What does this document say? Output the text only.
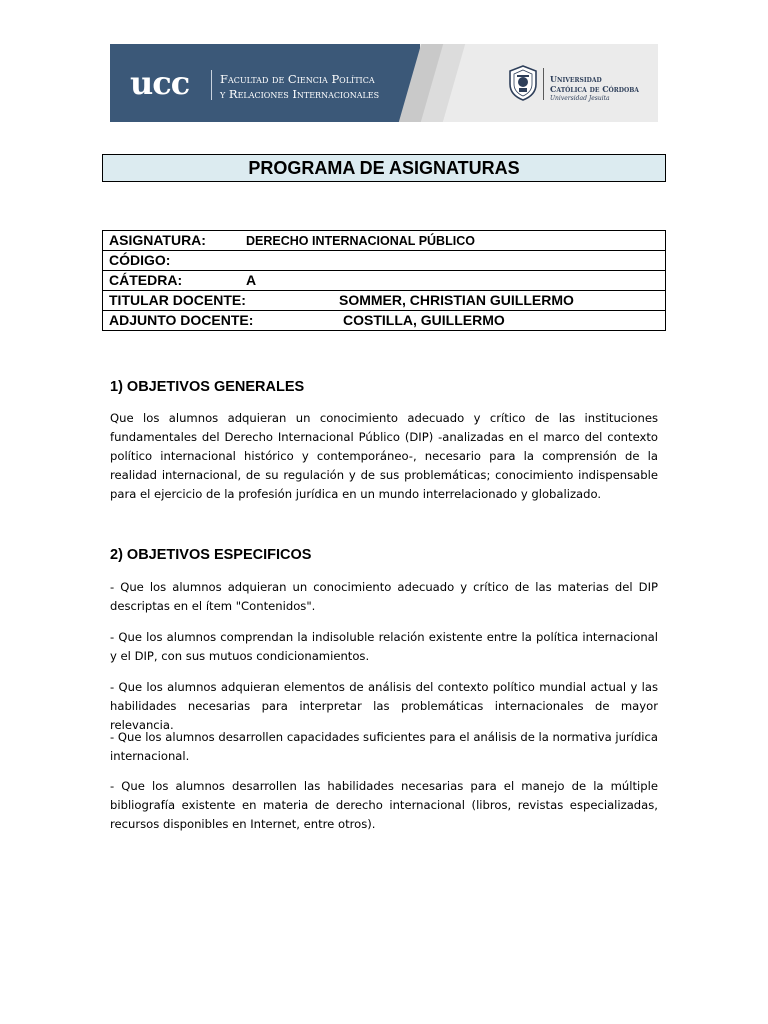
ucc	Facultad de Ciencia Política
y Relaciones Internacionales
Universidad
Católica de Córdoba
Universidad Jesuita
PROGRAMA DE ASIGNATURAS
ASIGNATURA:	DERECHO INTERNACIONAL PÚBLICO
CÓDIGO:
CÁTEDRA:	A
TITULAR DOCENTE:	SOMMER, CHRISTIAN GUILLERMO
ADJUNTO DOCENTE:	COSTILLA, GUILLERMO
1) OBJETIVOS GENERALES

Que los alumnos adquieran un conocimiento adecuado y crítico de las instituciones fundamentales del Derecho Internacional Público (DIP) -analizadas en el marco del contexto político internacional histórico y contemporáneo-, necesario para la comprensión de la realidad internacional, de su regulación y de sus problemáticas; conocimiento indispensable para el ejercicio de la profesión jurídica en un mundo interrelacionado y globalizado.

2) OBJETIVOS ESPECIFICOS

- Que los alumnos adquieran un conocimiento adecuado y crítico de las materias del DIP descriptas en el ítem "Contenidos".

- Que los alumnos comprendan la indisoluble relación existente entre la política internacional y el DIP, con sus mutuos condicionamientos.

- Que los alumnos adquieran elementos de análisis del contexto político mundial actual y las habilidades necesarias para interpretar las problemáticas internacionales de mayor relevancia.

- Que los alumnos desarrollen capacidades suficientes para el análisis de la normativa jurídica internacional.

- Que los alumnos desarrollen las habilidades necesarias para el manejo de la múltiple bibliografía existente en materia de derecho internacional (libros, revistas especializadas, recursos disponibles en Internet, entre otros).
